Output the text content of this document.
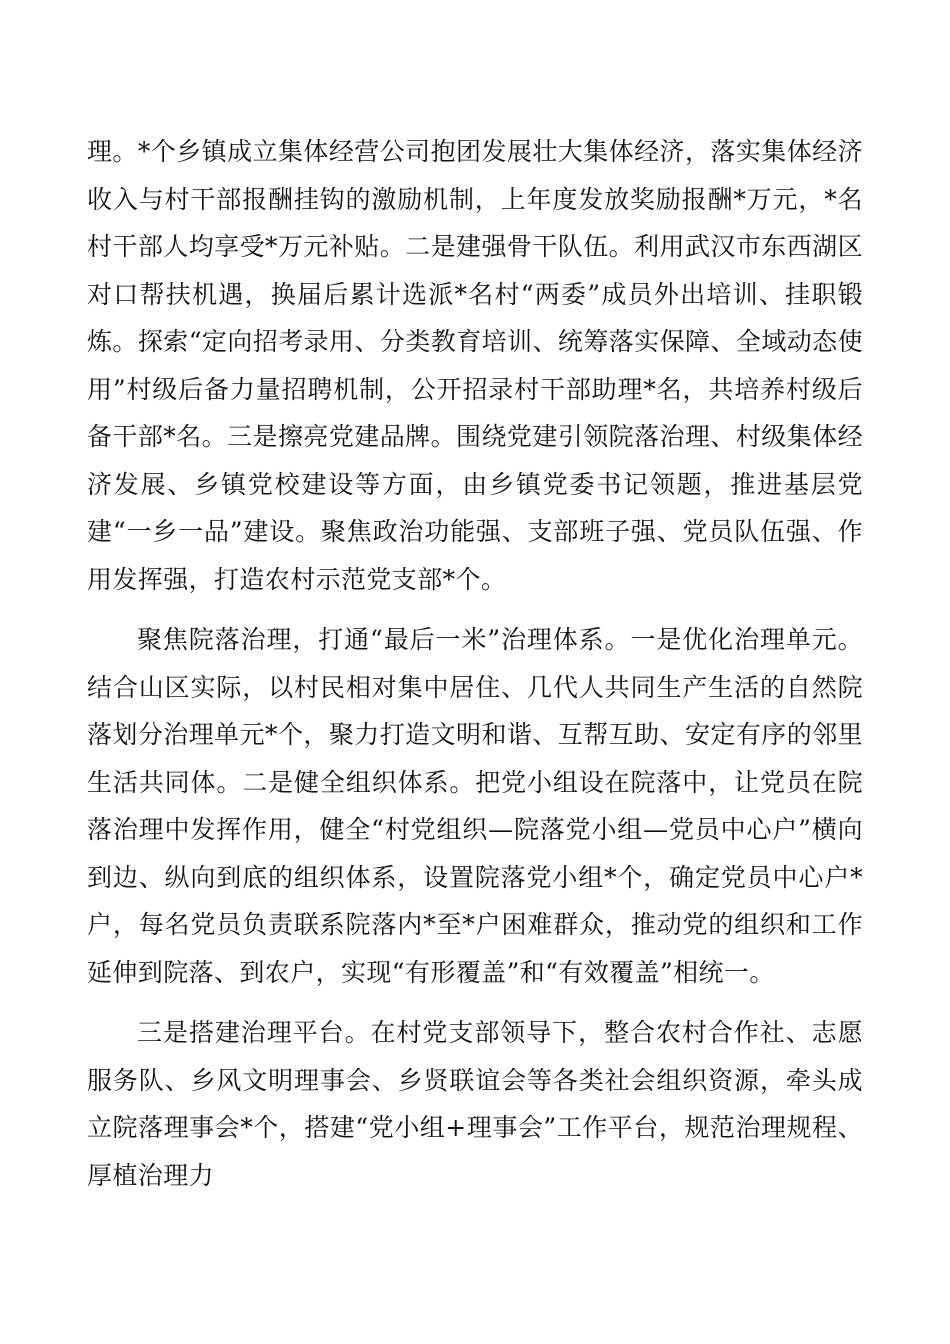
理。*个乡镇成立集体经营公司抱团发展壮大集体经济，落实集体经济收入与村干部报酬挂钩的激励机制，上年度发放奖励报酬*万元，*名村干部人均享受*万元补贴。二是建强骨干队伍。利用武汉市东西湖区对口帮扶机遇，换届后累计选派*名村“两委”成员外出培训、挂职锻炼。探索“定向招考录用、分类教育培训、统筹落实保障、全域动态使用”村级后备力量招聘机制，公开招录村干部助理*名，共培养村级后备干部*名。三是擦亮党建品牌。围绕党建引领院落治理、村级集体经济发展、乡镇党校建设等方面，由乡镇党委书记领题，推进基层党建“一乡一品”建设。聚焦政治功能强、支部班子强、党员队伍强、作用发挥强，打造农村示范党支部*个。

聚焦院落治理，打通“最后一米”治理体系。一是优化治理单元。结合山区实际，以村民相对集中居住、几代人共同生产生活的自然院落划分治理单元*个，聚力打造文明和谐、互帮互助、安定有序的邻里生活共同体。二是健全组织体系。把党小组设在院落中，让党员在院落治理中发挥作用，健全“村党组织—院落党小组—党员中心户”横向到边、纵向到底的组织体系，设置院落党小组*个，确定党员中心户*户，每名党员负责联系院落内*至*户困难群众，推动党的组织和工作延伸到院落、到农户，实现“有形覆盖”和“有效覆盖”相统一。

三是搭建治理平台。在村党支部领导下，整合农村合作社、志愿服务队、乡风文明理事会、乡贤联谊会等各类社会组织资源，牵头成立院落理事会*个，搭建“党小组+理事会”工作平台，规范治理规程、厚植治理力
